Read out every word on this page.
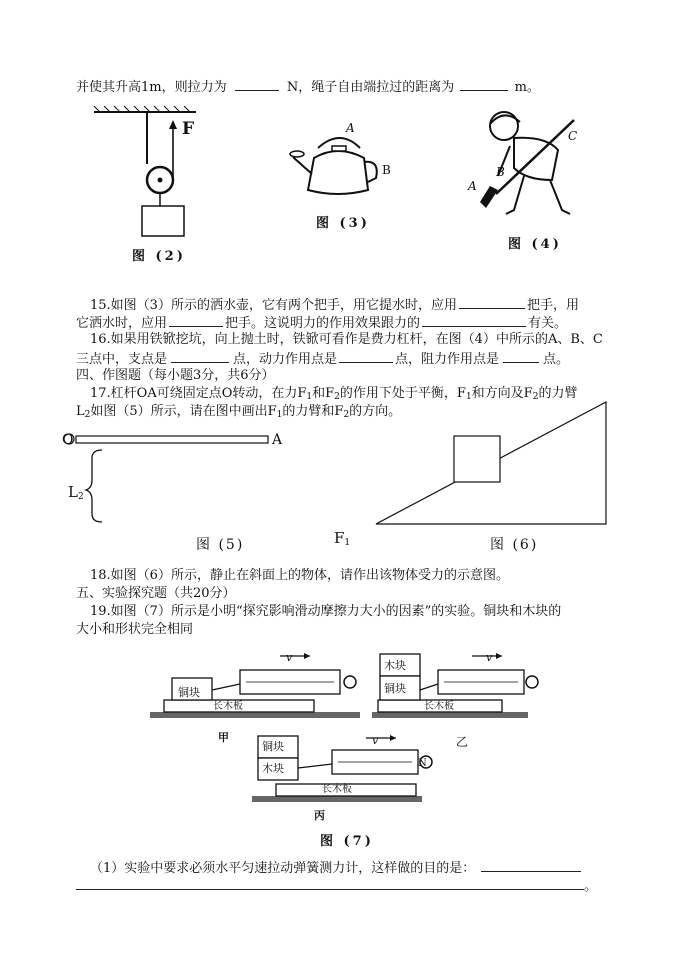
并使其升高1m，则拉力为	N，绳子自由端拉过的距离为	m。
F
图 (2)
A
B
图 (3)
C
B
A
图 (4)
15.如图（3）所示的洒水壶，它有两个把手，用它提水时，应用	把手，用
它洒水时，应用	把手。这说明力的作用效果跟力的	有关。
16.如果用铁锨挖坑，向上抛土时，铁锨可看作是费力杠杆，在图（4）中所示的A、B、C
三点中，支点是	点，动力作用点是	点，阻力作用点是	点。
四、作图题（每小题3分，共6分）
17.杠杆OA可绕固定点O转动，在力$F_1$和$F_2$的作用下处于平衡，$F_1$和方向及$F_2$的力臂
$L_2$如图（5）所示，请在图中画出$F_1$的力臂和$F_2$的方向。
O	A
$L_2$
$F_1$
图 (5)	图 (6)
18.如图（6）所示，静止在斜面上的物体，请作出该物体受力的示意图。
五、实验探究题（共20分）
19.如图（7）所示是小明“探究影响滑动摩擦力大小的因素”的实验。铜块和木块的
大小和形状完全相同
铜块
长木板
v
甲
木块
铜块
长木板
v
乙
铜块
木块
长木板
v
N
丙
图 (7)
（1）实验中要求必须水平匀速拉动弹簧测力计，这样做的目的是：
。
